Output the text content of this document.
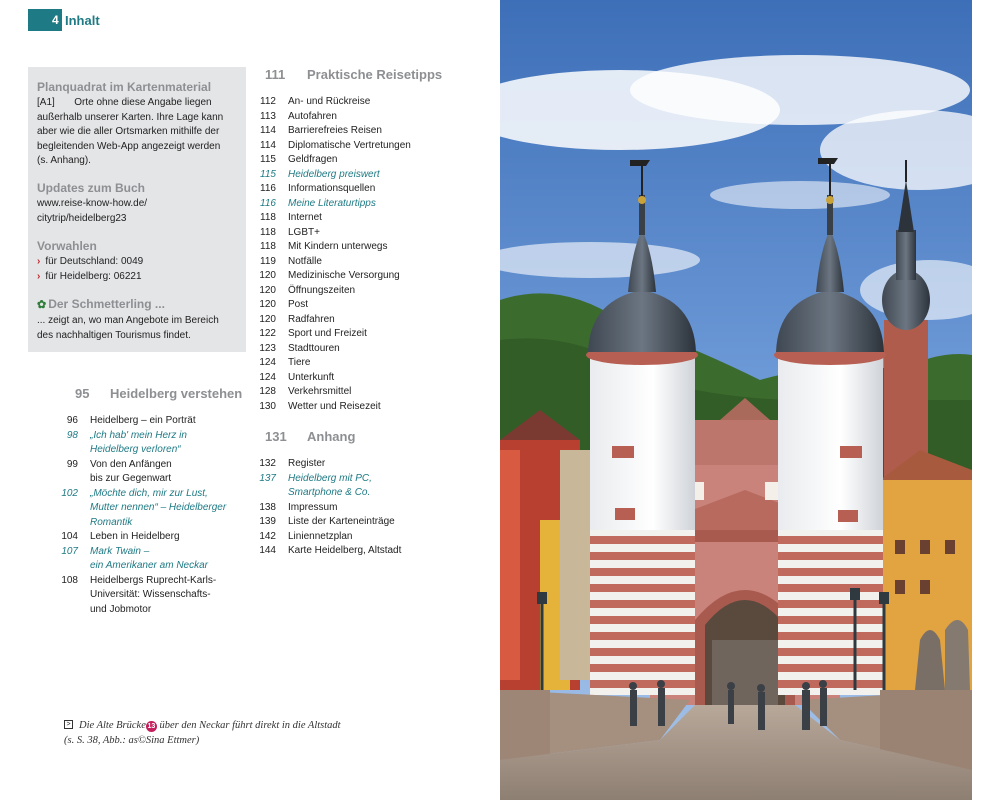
4 Inhalt
Planquadrat im Kartenmaterial
[A1]       Orte ohne diese Angabe liegen
außerhalb unserer Karten. Ihre Lage kann
aber wie die aller Ortsmarken mithilfe der
begleitenden Web-App angezeigt werden
(s. Anhang).
Updates zum Buch
www.reise-know-how.de/
citytrip/heidelberg23
Vorwahlen
› für Deutschland: 0049
› für Heidelberg: 06221
✿ Der Schmetterling ...
... zeigt an, wo man Angebote im Bereich
des nachhaltigen Tourismus findet.
95 Heidelberg verstehen
96 Heidelberg – ein Porträt
98 „Ich hab' mein Herz in
Heidelberg verloren“
99 Von den Anfängen
bis zur Gegenwart
102 „Möchte dich, mir zur Lust,
Mutter nennen“ – Heidelberger
Romantik
104 Leben in Heidelberg
107 Mark Twain –
ein Amerikaner am Neckar
108 Heidelbergs Ruprecht-Karls-
Universität: Wissenschafts-
und Jobmotor
111 Praktische Reisetipps
112 An- und Rückreise
113 Autofahren
114 Barrierefreies Reisen
114 Diplomatische Vertretungen
115 Geldfragen
115 Heidelberg preiswert
116 Informationsquellen
116 Meine Literaturtipps
118 Internet
118 LGBT+
118 Mit Kindern unterwegs
119 Notfälle
120 Medizinische Versorgung
120 Öffnungszeiten
120 Post
120 Radfahren
122 Sport und Freizeit
123 Stadttouren
124 Tiere
124 Unterkunft
128 Verkehrsmittel
130 Wetter und Reisezeit
131 Anhang
132 Register
137 Heidelberg mit PC,
Smartphone & Co.
138 Impressum
139 Liste der Karteneinträge
142 Liniennetzplan
144 Karte Heidelberg, Altstadt
> Die Alte Brücke 13 über den Neckar führt direkt in die Altstadt
(s. S. 38, Abb.: as©Sina Ettmer)
